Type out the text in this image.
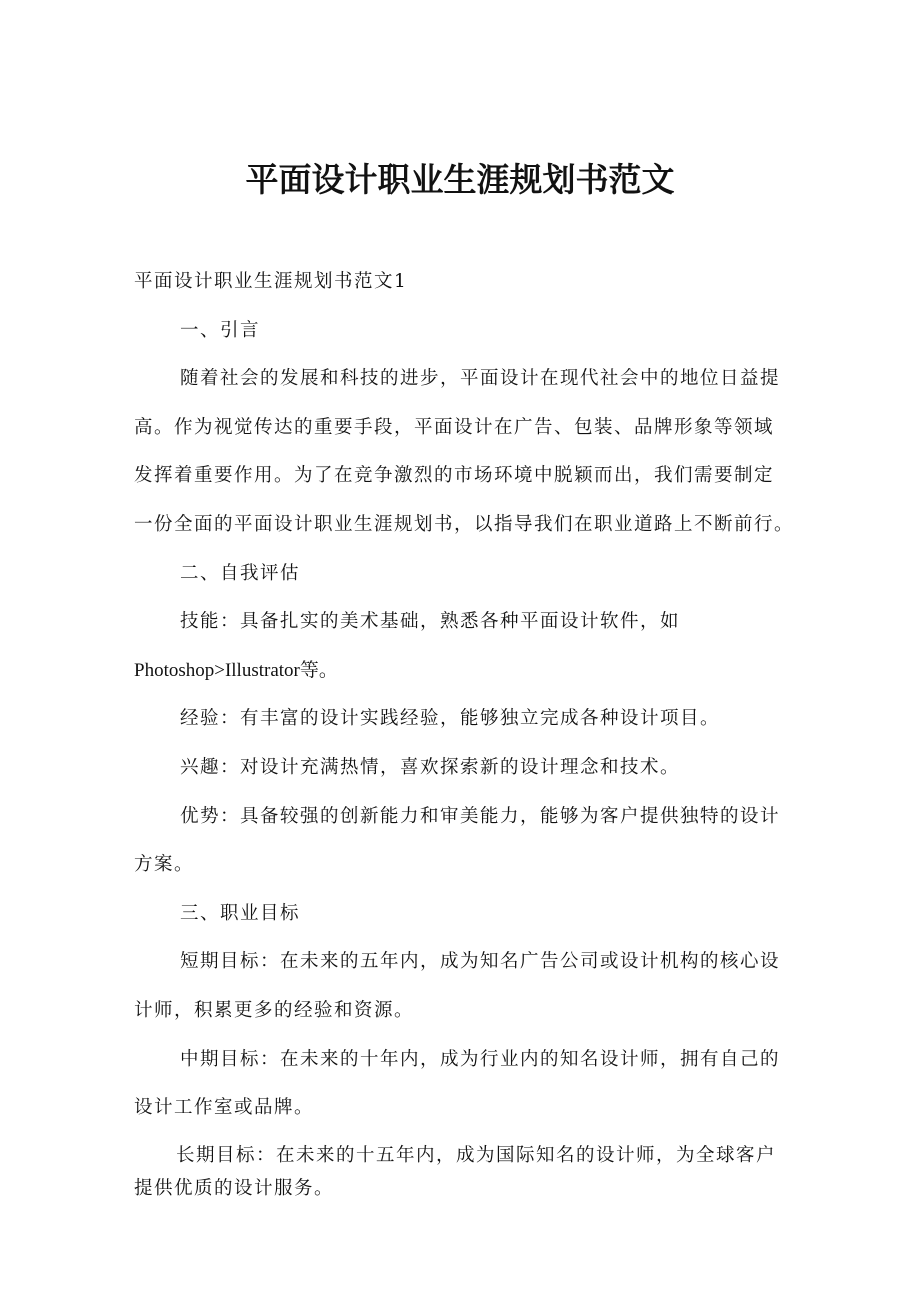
平面设计职业生涯规划书范文
平面设计职业生涯规划书范文1
一、引言
随着社会的发展和科技的进步，平面设计在现代社会中的地位日益提
高。作为视觉传达的重要手段，平面设计在广告、包装、品牌形象等领域
发挥着重要作用。为了在竞争激烈的市场环境中脱颖而出，我们需要制定
一份全面的平面设计职业生涯规划书，以指导我们在职业道路上不断前行。
二、自我评估
技能：具备扎实的美术基础，熟悉各种平面设计软件，如
Photoshop>Illustrator等。
经验：有丰富的设计实践经验，能够独立完成各种设计项目。
兴趣：对设计充满热情，喜欢探索新的设计理念和技术。
优势：具备较强的创新能力和审美能力，能够为客户提供独特的设计
方案。
三、职业目标
短期目标：在未来的五年内，成为知名广告公司或设计机构的核心设
计师，积累更多的经验和资源。
中期目标：在未来的十年内，成为行业内的知名设计师，拥有自己的
设计工作室或品牌。
长期目标：在未来的十五年内，成为国际知名的设计师，为全球客户
提供优质的设计服务。
